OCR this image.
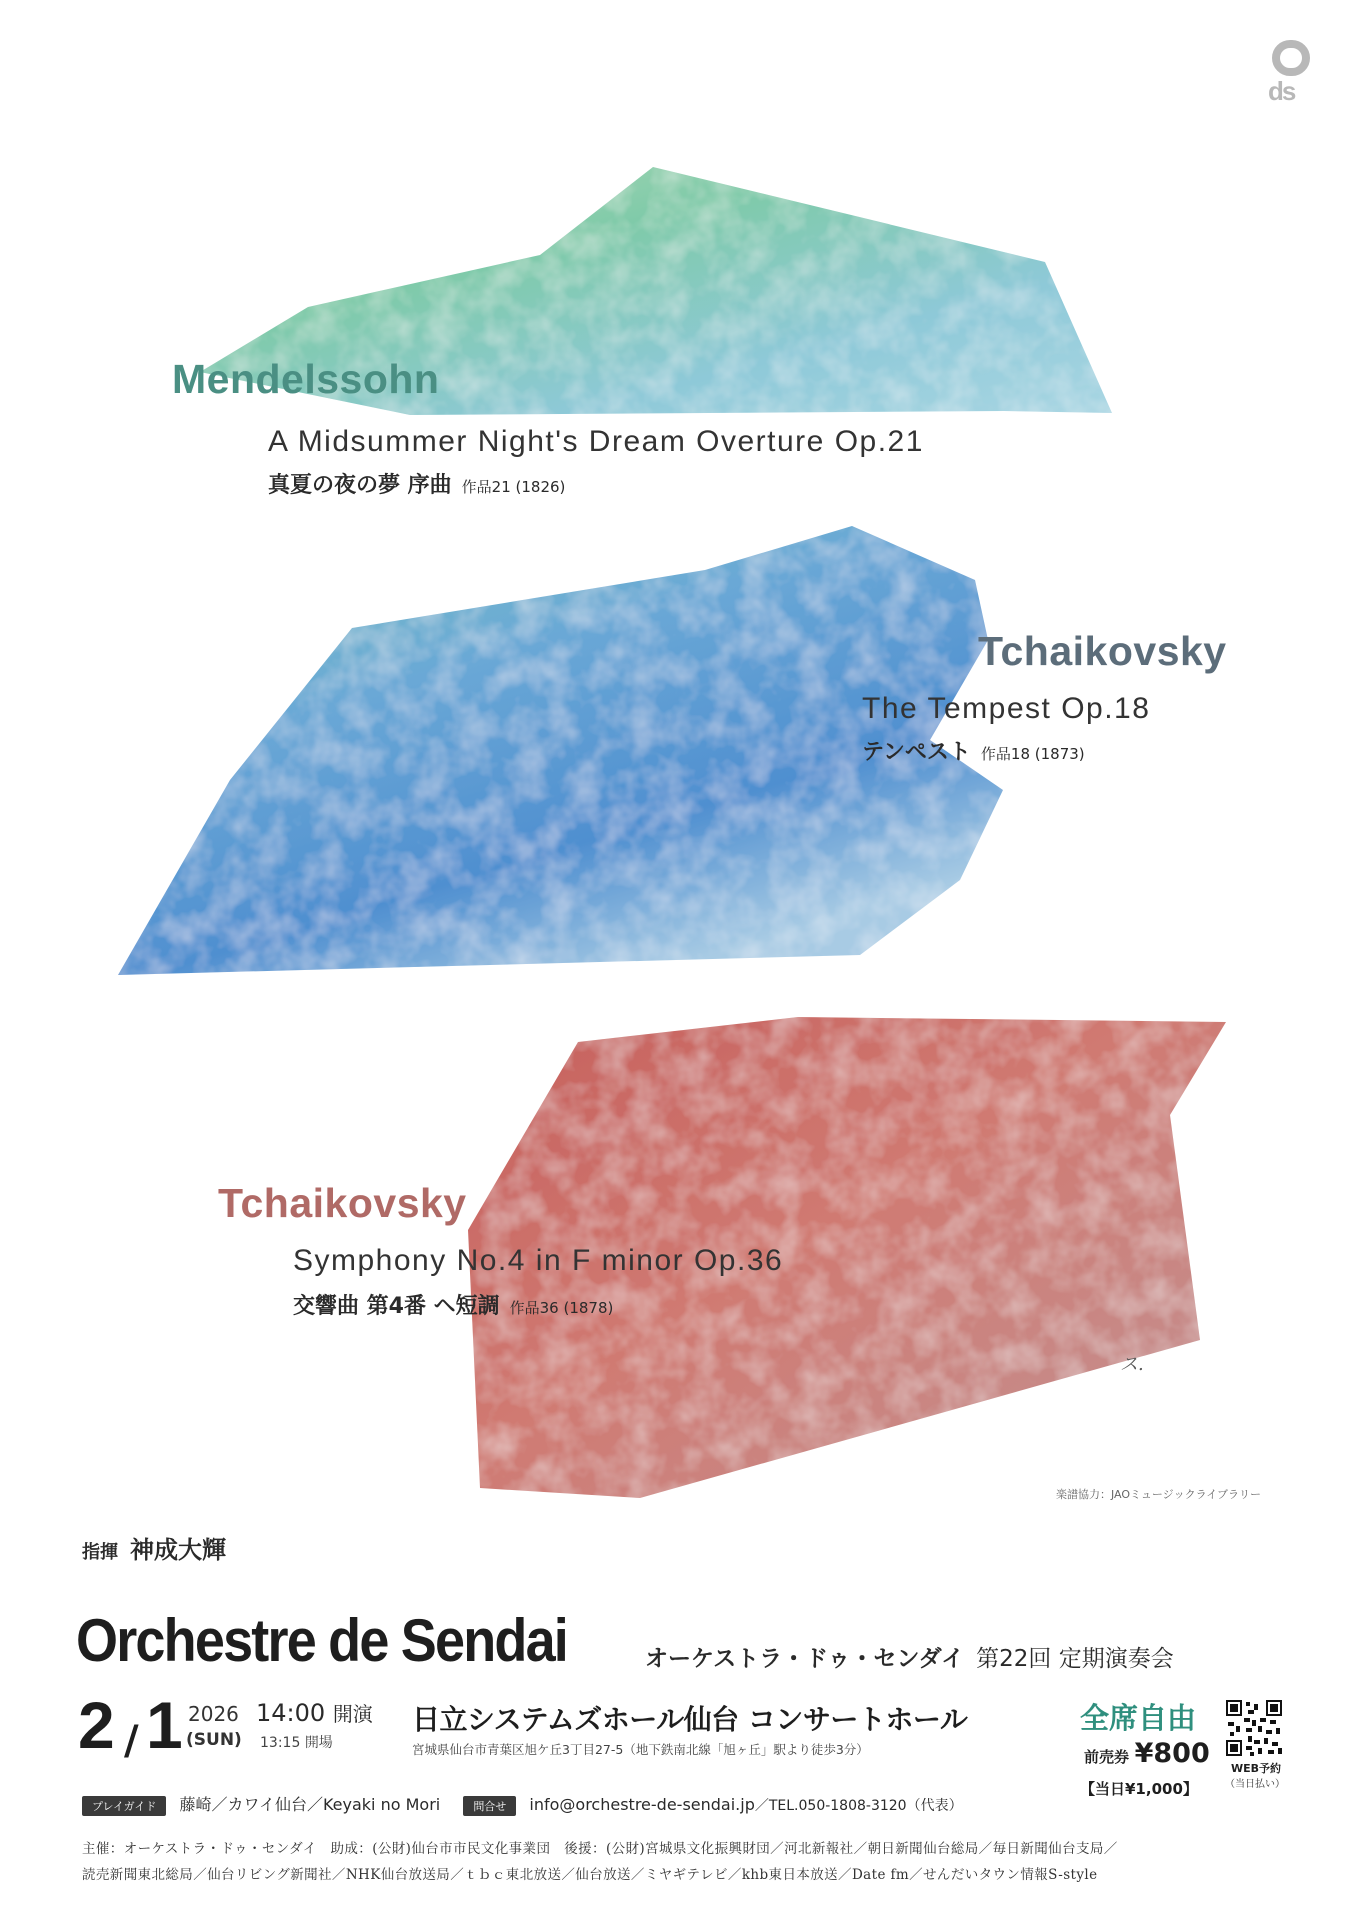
ds
Mendelssohn
A Midsummer Night's Dream Overture Op.21
真夏の夜の夢 序曲 作品21 (1826)
Tchaikovsky
The Tempest Op.18
テンペスト 作品18 (1873)
Tchaikovsky
Symphony No.4 in F minor Op.36
交響曲 第4番 ヘ短調 作品36 (1878)
ス.
楽譜協力：JAOミュージックライブラリー
指揮 神成大輝
Orchestre de Sendai	オーケストラ・ドゥ・センダイ 第22回 定期演奏会
2 / 1 2026
(SUN)
14:00 開演
13:15 開場
日立システムズホール仙台 コンサートホール
宮城県仙台市青葉区旭ケ丘3丁目27-5（地下鉄南北線「旭ヶ丘」駅より徒歩3分）
全席自由
前売券 ¥800
【当日¥1,000】
WEB予約
（当日払い）
プレイガイド 藤崎／カワイ仙台／Keyaki no Mori	問合せ info@orchestre-de-sendai.jp／TEL.050-1808-3120（代表）
主催：オーケストラ・ドゥ・センダイ　助成：(公財)仙台市市民文化事業団　後援：(公財)宮城県文化振興財団／河北新報社／朝日新聞仙台総局／毎日新聞仙台支局／
読売新聞東北総局／仙台リビング新聞社／NHK仙台放送局／ｔｂｃ東北放送／仙台放送／ミヤギテレビ／khb東日本放送／Date fm／せんだいタウン情報S-style
